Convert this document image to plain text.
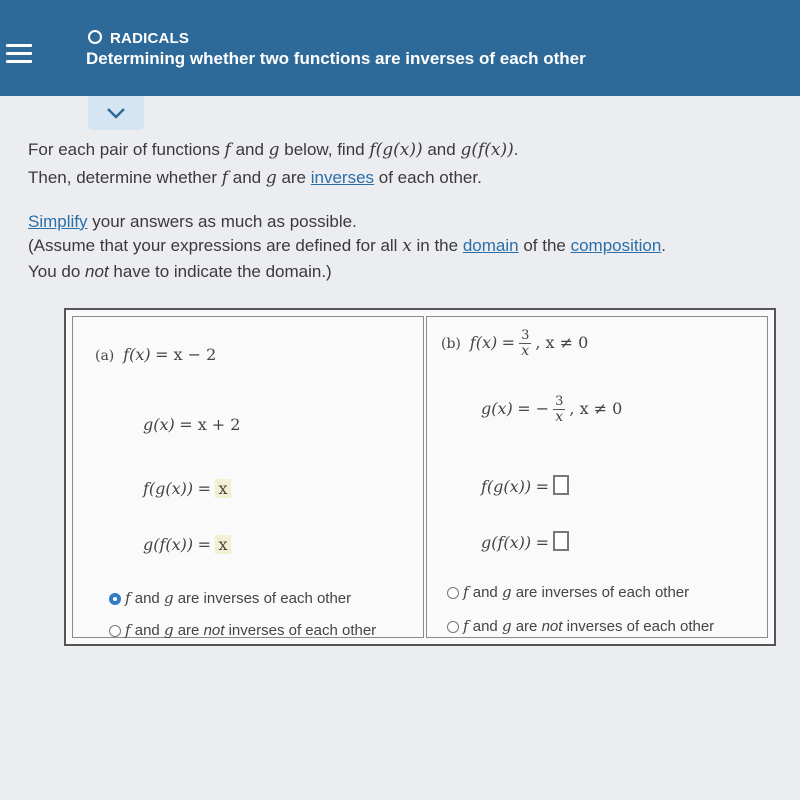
RADICALS
Determining whether two functions are inverses of each other
For each pair of functions f and g below, find f(g(x)) and g(f(x)).
Then, determine whether f and g are inverses of each other.
Simplify your answers as much as possible.
(Assume that your expressions are defined for all x in the domain of the composition.
You do not have to indicate the domain.)
(a) f(x) = x − 2
g(x) = x + 2
f(g(x)) = x
g(f(x)) = x
f and g are inverses of each other
f and g are not inverses of each other
(b) $f(x) = \frac{3}{x}$ , x ≠ 0
g(x) = − $\frac{3}{x}$ , x ≠ 0
f(g(x)) =
g(f(x)) =
f and g are inverses of each other
f and g are not inverses of each other
